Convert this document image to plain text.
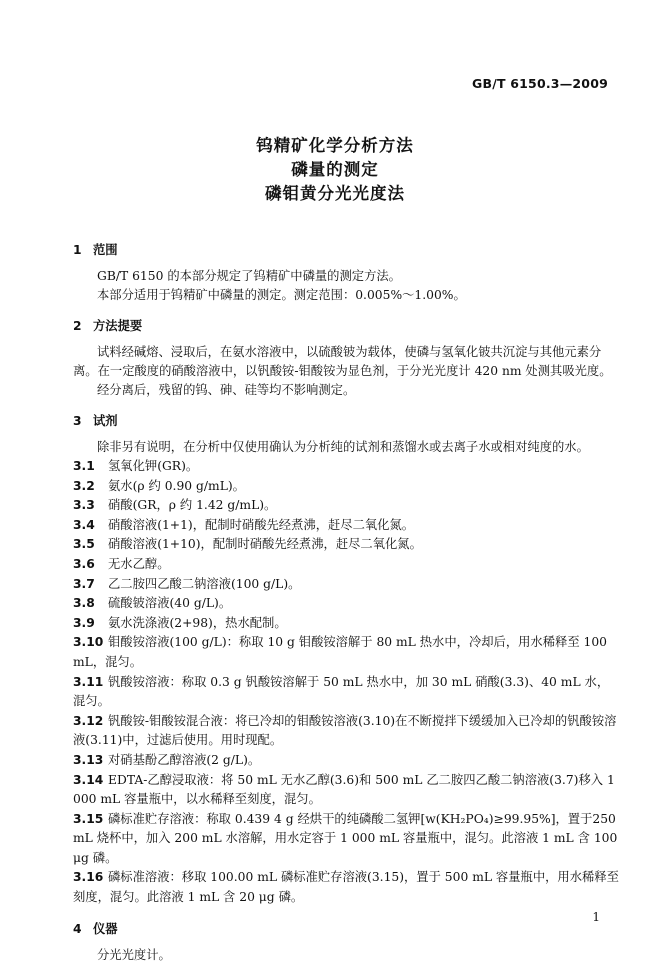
GB/T 6150.3—2009
钨精矿化学分析方法
磷量的测定
磷钼黄分光光度法
1 范围
GB/T 6150 的本部分规定了钨精矿中磷量的测定方法。
本部分适用于钨精矿中磷量的测定。测定范围：0.005%～1.00%。
2 方法提要
试料经碱熔、浸取后，在氨水溶液中，以硫酸铍为载体，使磷与氢氧化铍共沉淀与其他元素分离。在一定酸度的硝酸溶液中，以钒酸铵-钼酸铵为显色剂，于分光光度计 420 nm 处测其吸光度。
经分离后，残留的钨、砷、硅等均不影响测定。
3 试剂
除非另有说明，在分析中仅使用确认为分析纯的试剂和蒸馏水或去离子水或相对纯度的水。
3.1 氢氧化钾(GR)。
3.2 氨水(ρ 约 0.90 g/mL)。
3.3 硝酸(GR，ρ 约 1.42 g/mL)。
3.4 硝酸溶液(1+1)，配制时硝酸先经煮沸，赶尽二氧化氮。
3.5 硝酸溶液(1+10)，配制时硝酸先经煮沸，赶尽二氧化氮。
3.6 无水乙醇。
3.7 乙二胺四乙酸二钠溶液(100 g/L)。
3.8 硫酸铍溶液(40 g/L)。
3.9 氨水洗涤液(2+98)，热水配制。
3.10 钼酸铵溶液(100 g/L)：称取 10 g 钼酸铵溶解于 80 mL 热水中，冷却后，用水稀释至 100 mL，混匀。
3.11 钒酸铵溶液：称取 0.3 g 钒酸铵溶解于 50 mL 热水中，加 30 mL 硝酸(3.3)、40 mL 水，混匀。
3.12 钒酸铵-钼酸铵混合液：将已冷却的钼酸铵溶液(3.10)在不断搅拌下缓缓加入已冷却的钒酸铵溶液(3.11)中，过滤后使用。用时现配。
3.13 对硝基酚乙醇溶液(2 g/L)。
3.14 EDTA-乙醇浸取液：将 50 mL 无水乙醇(3.6)和 500 mL 乙二胺四乙酸二钠溶液(3.7)移入 1 000 mL 容量瓶中，以水稀释至刻度，混匀。
3.15 磷标准贮存溶液：称取 0.439 4 g 经烘干的纯磷酸二氢钾[w(KH₂PO₄)≥99.95%]，置于250 mL 烧杯中，加入 200 mL 水溶解，用水定容于 1 000 mL 容量瓶中，混匀。此溶液 1 mL 含 100 μg 磷。
3.16 磷标准溶液：移取 100.00 mL 磷标准贮存溶液(3.15)，置于 500 mL 容量瓶中，用水稀释至刻度，混匀。此溶液 1 mL 含 20 μg 磷。
4 仪器
分光光度计。
1
